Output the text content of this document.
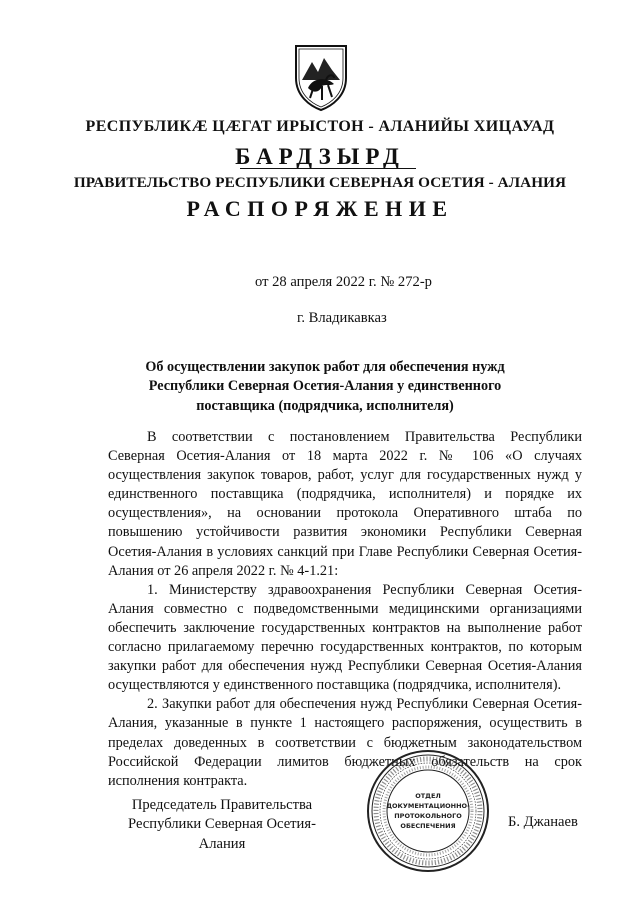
РЕСПУБЛИКÆ ЦÆГАТ ИРЫСТОН - АЛАНИЙЫ ХИЦАУАД
БАРДЗЫРД
ПРАВИТЕЛЬСТВО РЕСПУБЛИКИ СЕВЕРНАЯ ОСЕТИЯ - АЛАНИЯ
РАСПОРЯЖЕНИЕ
от 28 апреля 2022 г. № 272-р
г. Владикавказ
Об осуществлении закупок работ для обеспечения нужд Республики Северная Осетия-Алания у единственного поставщика (подрядчика, исполнителя)

В соответствии с постановлением Правительства Республики Северная Осетия-Алания от 18 марта 2022 г. № 106 «О случаях осуществления закупок товаров, работ, услуг для государственных нужд у единственного поставщика (подрядчика, исполнителя) и порядке их осуществления», на основании протокола Оперативного штаба по повышению устойчивости развития экономики Республики Северная Осетия-Алания в условиях санкций при Главе Республики Северная Осетия-Алания от 26 апреля 2022 г. № 4-1.21:

1. Министерству здравоохранения Республики Северная Осетия-Алания совместно с подведомственными медицинскими организациями обеспечить заключение государственных контрактов на выполнение работ согласно прилагаемому перечню государственных контрактов, по которым закупки работ для обеспечения нужд Республики Северная Осетия-Алания осуществляются у единственного поставщика (подрядчика, исполнителя).

2. Закупки работ для обеспечения нужд Республики Северная Осетия-Алания, указанные в пункте 1 настоящего распоряжения, осуществить в пределах доведенных в соответствии с бюджетным законодательством Российской Федерации лимитов бюджетных обязательств на срок исполнения контракта.

Председатель Правительства
Республики Северная Осетия-Алания
ОТДЕЛ
ДОКУМЕНТАЦИОННО-
ПРОТОКОЛЬНОГО
ОБЕСПЕЧЕНИЯ	Б. Джанаев
